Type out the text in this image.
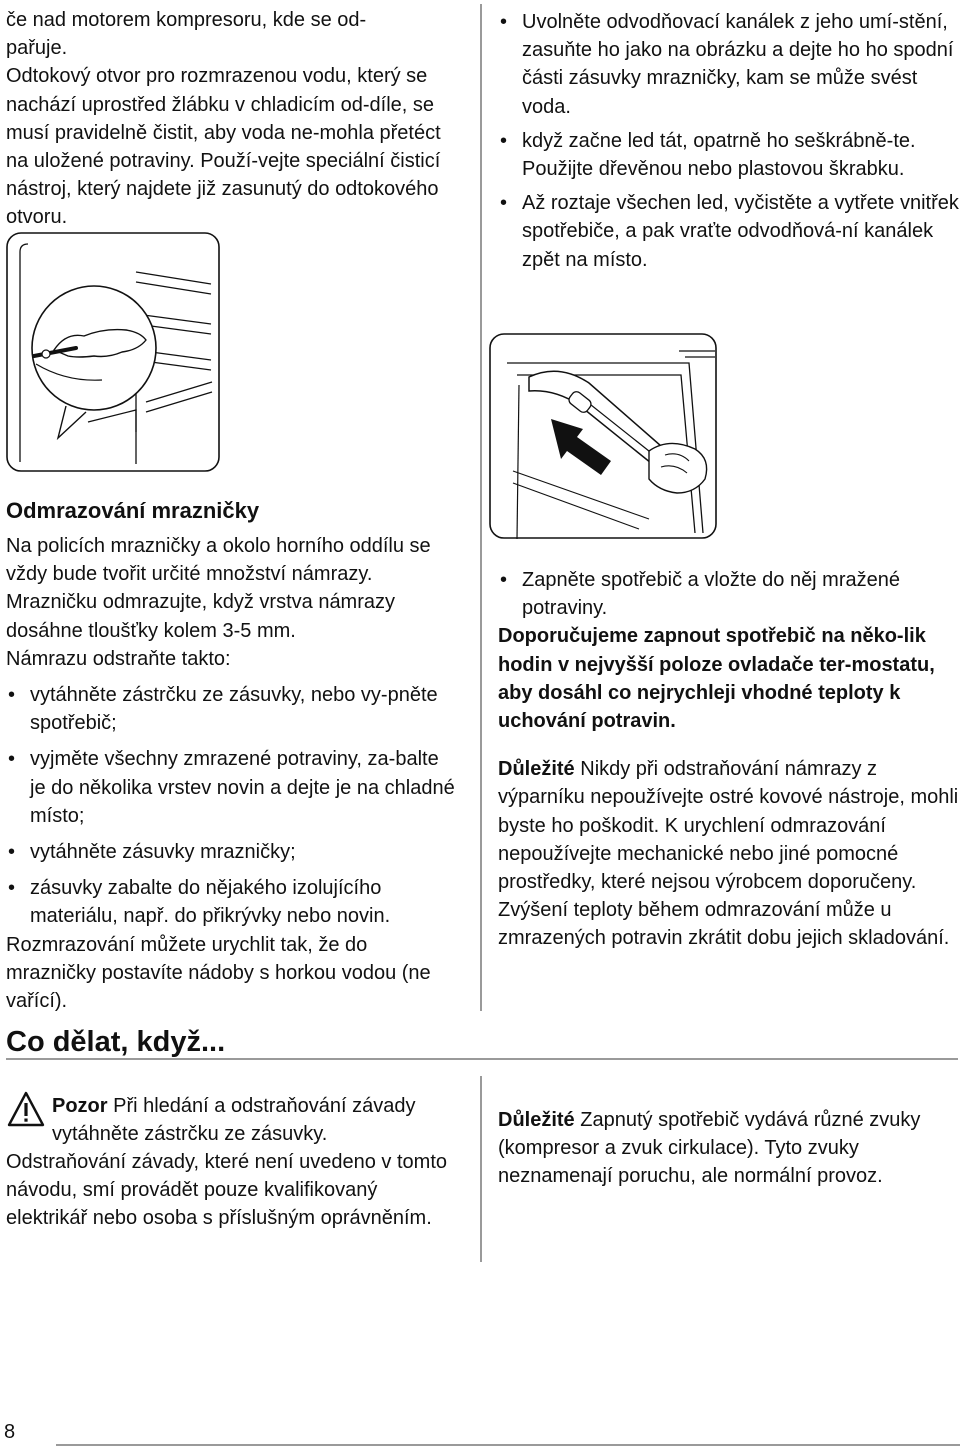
če nad motorem kompresoru, kde se od-

pařuje.

Odtokový otvor pro rozmrazenou vodu, který se nachází uprostřed žlábku v chladicím od-díle, se musí pravidelně čistit, aby voda ne-mohla přetéct na uložené potraviny. Použí-vejte speciální čisticí nástroj, který najdete již zasunutý do odtokového otvoru.

• Uvolněte odvodňovací kanálek z jeho umí-stění, zasuňte ho jako na obrázku a dejte ho ho spodní části zásuvky mrazničky, kam se může svést voda.
• když začne led tát, opatrně ho seškrábně-te. Použijte dřevěnou nebo plastovou škrabku.
• Až roztaje všechen led, vyčistěte a vytřete vnitřek spotřebiče, a pak vraťte odvodňová-ní kanálek zpět na místo.
Odmrazování mrazničky

Na policích mrazničky a okolo horního oddílu se vždy bude tvořit určité množství námrazy. Mrazničku odmrazujte, když vrstva námrazy dosáhne tloušťky kolem 3-5 mm.

Námrazu odstraňte takto:

• vytáhněte zástrčku ze zásuvky, nebo vy-pněte spotřebič;
• vyjměte všechny zmrazené potraviny, za-balte je do několika vrstev novin a dejte je na chladné místo;
• vytáhněte zásuvky mrazničky;
• zásuvky zabalte do nějakého izolujícího materiálu, např. do přikrývky nebo novin.

Rozmrazování můžete urychlit tak, že do mrazničky postavíte nádoby s horkou vodou (ne vařící).

Co dělat, když...
• Zapněte spotřebič a vložte do něj mražené potraviny.

Doporučujeme zapnout spotřebič na něko-lik hodin v nejvyšší poloze ovladače ter-mostatu, aby dosáhl co nejrychleji vhodné teploty k uchování potravin.

Důležité Nikdy při odstraňování námrazy z výparníku nepoužívejte ostré kovové nástroje, mohli byste ho poškodit. K urychlení odmrazování nepoužívejte mechanické nebo jiné pomocné prostředky, které nejsou výrobcem doporučeny. Zvýšení teploty během odmrazování může u zmrazených potravin zkrátit dobu jejich skladování.

Pozor Při hledání a odstraňování závady vytáhněte zástrčku ze zásuvky.

Odstraňování závady, které není uvedeno v tomto návodu, smí provádět pouze kvalifikovaný elektrikář nebo osoba s příslušným oprávněním.

Důležité Zapnutý spotřebič vydává různé zvuky (kompresor a zvuk cirkulace). Tyto zvuky neznamenají poruchu, ale normální provoz.

8
